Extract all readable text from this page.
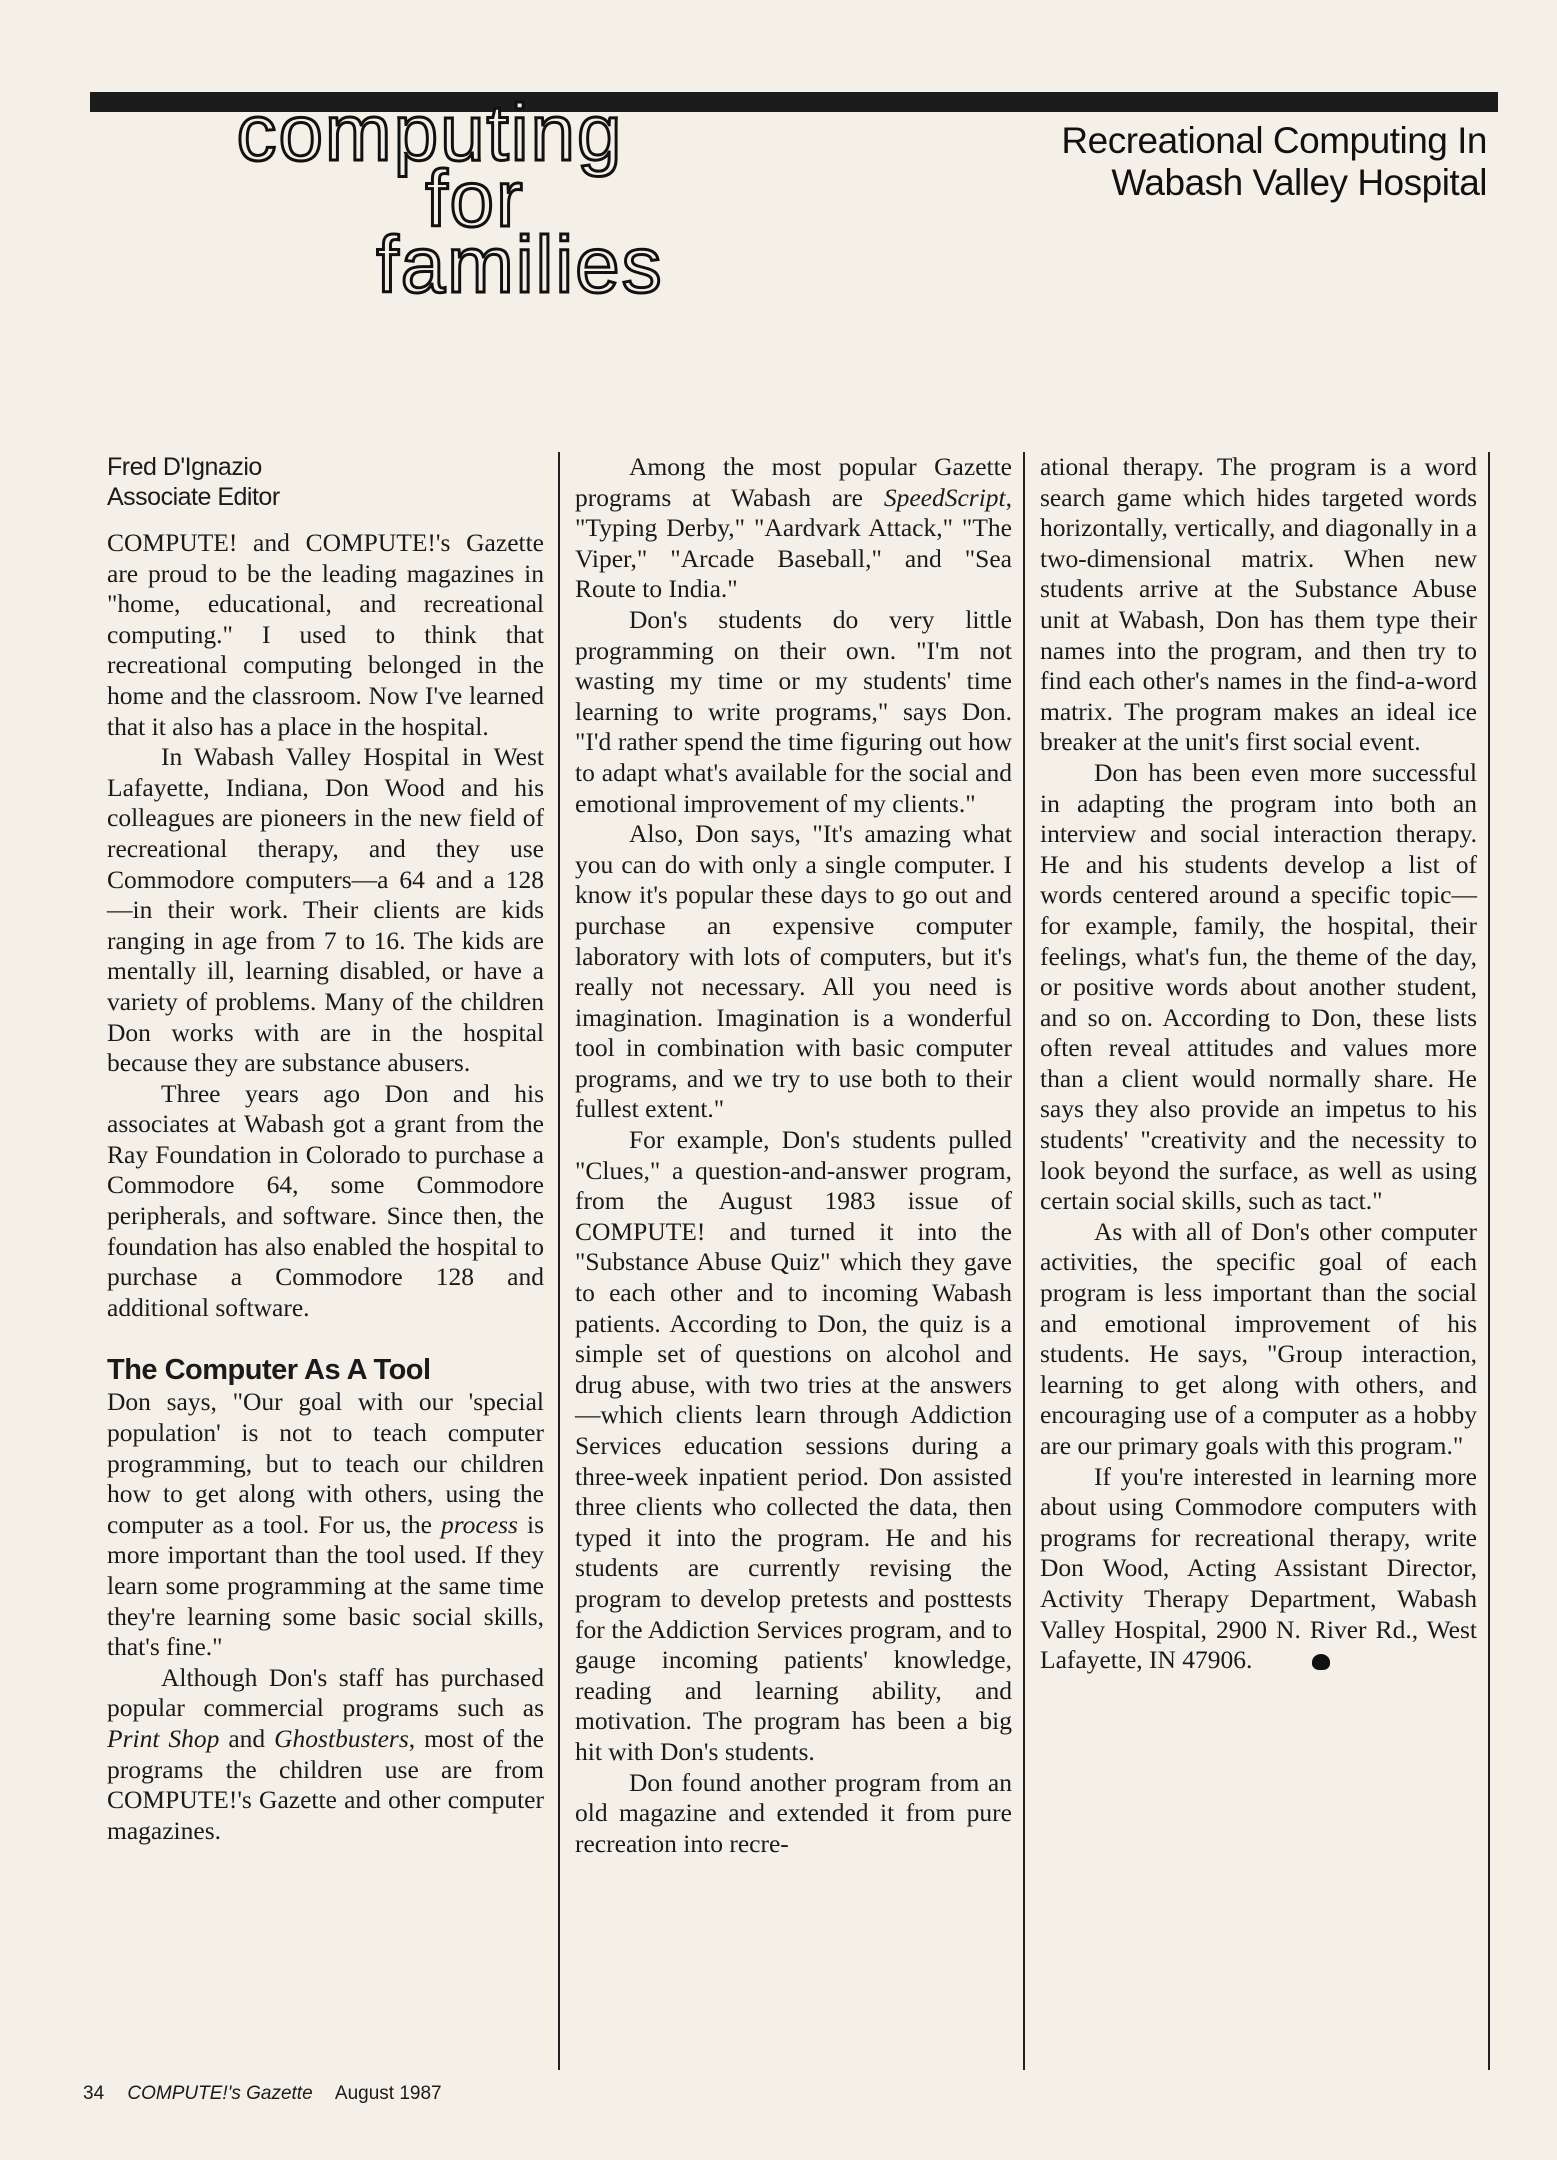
computing
for
families
Recreational Computing In
Wabash Valley Hospital
Fred D'Ignazio
Associate Editor

COMPUTE! and COMPUTE!'s Gazette are proud to be the leading magazines in "home, educational, and recreational computing." I used to think that recreational computing belonged in the home and the classroom. Now I've learned that it also has a place in the hospital.

In Wabash Valley Hospital in West Lafayette, Indiana, Don Wood and his colleagues are pioneers in the new field of recreational therapy, and they use Commodore computers—a 64 and a 128—in their work. Their clients are kids ranging in age from 7 to 16. The kids are mentally ill, learning disabled, or have a variety of problems. Many of the children Don works with are in the hospital because they are substance abusers.

Three years ago Don and his associates at Wabash got a grant from the Ray Foundation in Colorado to purchase a Commodore 64, some Commodore peripherals, and software. Since then, the foundation has also enabled the hospital to purchase a Commodore 128 and additional software.

The Computer As A Tool

Don says, "Our goal with our 'special population' is not to teach computer programming, but to teach our children how to get along with others, using the computer as a tool. For us, the process is more important than the tool used. If they learn some programming at the same time they're learning some basic social skills, that's fine."

Although Don's staff has purchased popular commercial programs such as Print Shop and Ghostbusters, most of the programs the children use are from COMPUTE!'s Gazette and other computer magazines.

Among the most popular Gazette programs at Wabash are SpeedScript, "Typing Derby," "Aardvark Attack," "The Viper," "Arcade Baseball," and "Sea Route to India."

Don's students do very little programming on their own. "I'm not wasting my time or my students' time learning to write programs," says Don. "I'd rather spend the time figuring out how to adapt what's available for the social and emotional improvement of my clients."

Also, Don says, "It's amazing what you can do with only a single computer. I know it's popular these days to go out and purchase an expensive computer laboratory with lots of computers, but it's really not necessary. All you need is imagination. Imagination is a wonderful tool in combination with basic computer programs, and we try to use both to their fullest extent."

For example, Don's students pulled "Clues," a question-and-answer program, from the August 1983 issue of COMPUTE! and turned it into the "Substance Abuse Quiz" which they gave to each other and to incoming Wabash patients. According to Don, the quiz is a simple set of questions on alcohol and drug abuse, with two tries at the answers—which clients learn through Addiction Services education sessions during a three-week inpatient period. Don assisted three clients who collected the data, then typed it into the program. He and his students are currently revising the program to develop pretests and posttests for the Addiction Services program, and to gauge incoming patients' knowledge, reading and learning ability, and motivation. The program has been a big hit with Don's students.

Don found another program from an old magazine and extended it from pure recreation into recre-

ational therapy. The program is a word search game which hides targeted words horizontally, vertically, and diagonally in a two-dimensional matrix. When new students arrive at the Substance Abuse unit at Wabash, Don has them type their names into the program, and then try to find each other's names in the find-a-word matrix. The program makes an ideal ice breaker at the unit's first social event.

Don has been even more successful in adapting the program into both an interview and social interaction therapy. He and his students develop a list of words centered around a specific topic—for example, family, the hospital, their feelings, what's fun, the theme of the day, or positive words about another student, and so on. According to Don, these lists often reveal attitudes and values more than a client would normally share. He says they also provide an impetus to his students' "creativity and the necessity to look beyond the surface, as well as using certain social skills, such as tact."

As with all of Don's other computer activities, the specific goal of each program is less important than the social and emotional improvement of his students. He says, "Group interaction, learning to get along with others, and encouraging use of a computer as a hobby are our primary goals with this program."

If you're interested in learning more about using Commodore computers with programs for recreational therapy, write Don Wood, Acting Assistant Director, Activity Therapy Department, Wabash Valley Hospital, 2900 N. River Rd., West Lafayette, IN 47906.

34 COMPUTE!'s Gazette August 1987
